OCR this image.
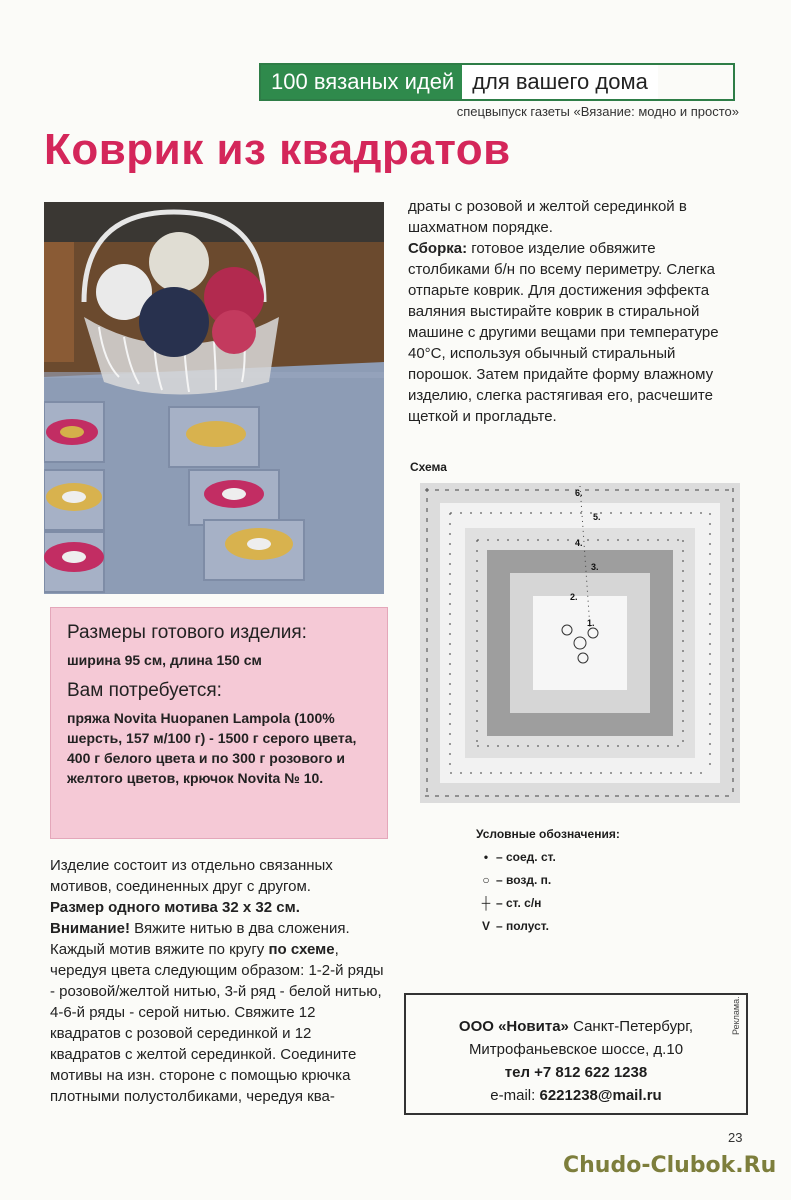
100 вязаных идей для вашего дома
спецвыпуск газеты «Вязание: модно и просто»
Коврик из квадратов
Размеры готового изделия:
ширина 95 см, длина 150 см
Вам потребуется:
пряжа Novita Huopanen Lampola (100% шерсть, 157 м/100 г) - 1500 г серого цвета, 400 г белого цвета и по 300 г розового и желтого цветов, крючок Novita № 10.
Изделие состоит из отдельно связанных мотивов, соединенных друг с другом.
Размер одного мотива 32 х 32 см.
Внимание! Вяжите нитью в два сложения. Каждый мотив вяжите по кругу по схеме, чередуя цвета следующим образом: 1-2-й ряды - розовой/желтой нитью, 3-й ряд - белой нитью, 4-6-й ряды - серой нитью. Свяжите 12 квадратов с розовой серединкой и 12 квадратов с желтой серединкой. Соедините мотивы на изн. стороне с помощью крючка плотными полустолбиками, чередуя ква-
драты с розовой и желтой серединкой в шахматном порядке.
Сборка: готовое изделие обвяжите столбиками б/н по всему периметру. Слегка отпарьте коврик. Для достижения эффекта валяния выстирайте коврик в стиральной машине с другими вещами при температуре 40°С, используя обычный стиральный порошок. Затем придайте форму влажному изделию, слегка растягивая его, расчешите щеткой и прогладьте.
Схема
1.
2.
3.
4.
5.
6.
Условные обозначения:
• – соед. ст.
○ – возд. п.
┼ – ст. с/н
V – полуст.
ООО «Новита» Санкт-Петербург,
Митрофаньевское шоссе, д.10
тел +7 812 622 1238
e-mail: 6221238@mail.ru
Реклама.
23
Chudo-Clubok.Ru
